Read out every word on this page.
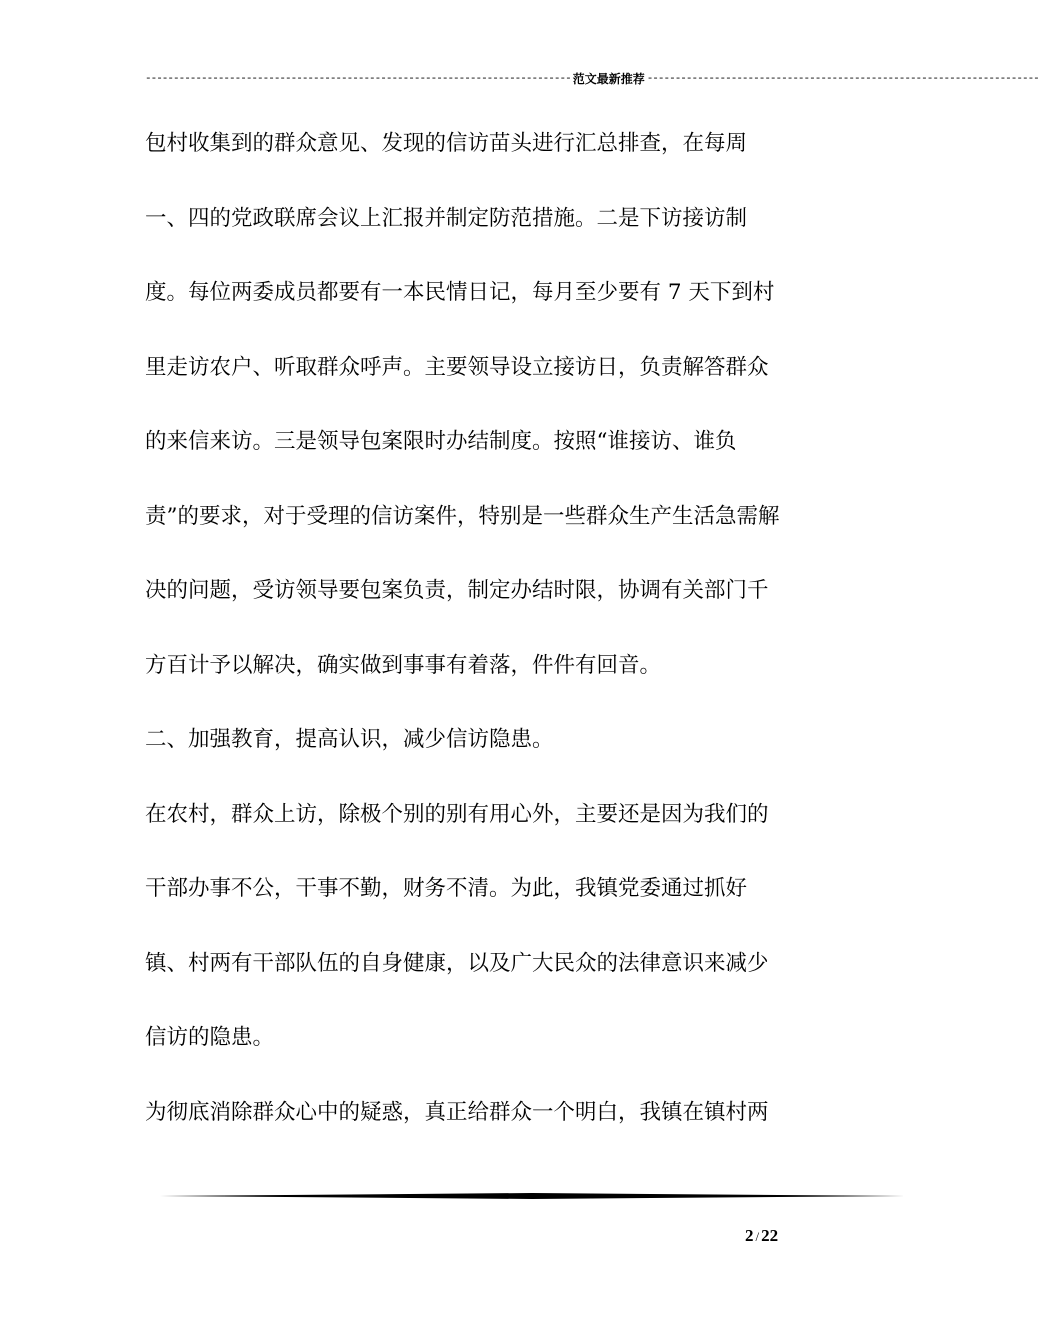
---------------------------------------------------------------------------- 范文最新推荐 ----------------------------------------------------------------------
包村收集到的群众意见、发现的信访苗头进行汇总排查，在每周
一、四的党政联席会议上汇报并制定防范措施。二是下访接访制
度。每位两委成员都要有一本民情日记，每月至少要有 7 天下到村
里走访农户、听取群众呼声。主要领导设立接访日，负责解答群众
的来信来访。三是领导包案限时办结制度。按照“谁接访、谁负
责”的要求，对于受理的信访案件，特别是一些群众生产生活急需解
决的问题，受访领导要包案负责，制定办结时限，协调有关部门千
方百计予以解决，确实做到事事有着落，件件有回音。
二、加强教育，提高认识，减少信访隐患。
在农村，群众上访，除极个别的别有用心外，主要还是因为我们的
干部办事不公，干事不勤，财务不清。为此，我镇党委通过抓好
镇、村两有干部队伍的自身健康，以及广大民众的法律意识来减少
信访的隐患。
为彻底消除群众心中的疑惑，真正给群众一个明白，我镇在镇村两
2 / 22
